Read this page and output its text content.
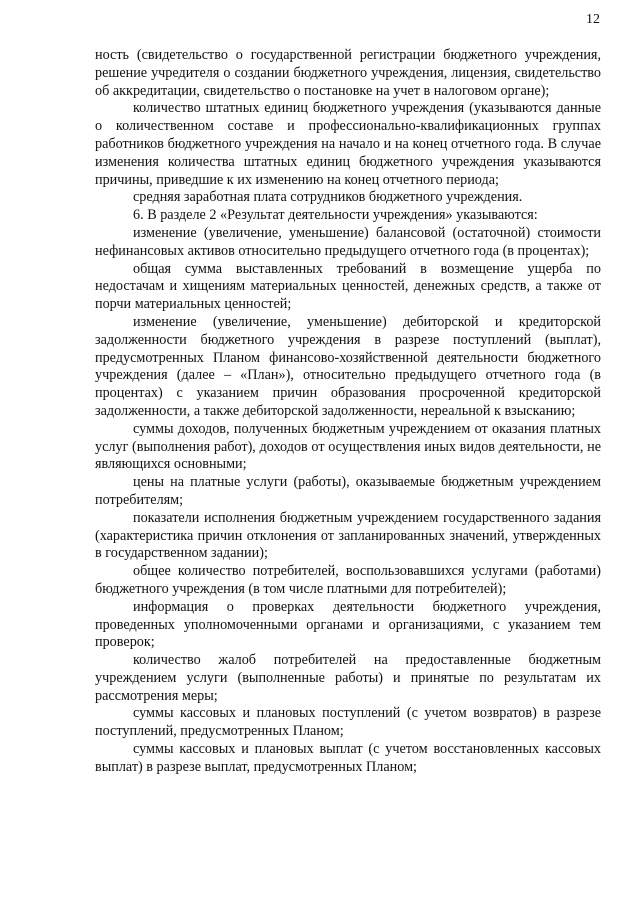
12

ность (свидетельство о государственной регистрации бюджетного учреждения, решение учредителя о создании бюджетного учреждения, лицензия, свидетельство об аккредитации, свидетельство о постановке на учет в налоговом органе);

количество штатных единиц бюджетного учреждения (указываются данные о количественном составе и профессионально-квалификационных группах работников бюджетного учреждения на начало и на конец отчетного года. В случае изменения количества штатных единиц бюджетного учреждения указываются причины, приведшие к их изменению на конец отчетного периода;

средняя заработная плата сотрудников бюджетного учреждения.

6. В разделе 2 «Результат деятельности учреждения» указываются:

изменение (увеличение, уменьшение) балансовой (остаточной) стоимости нефинансовых активов относительно предыдущего отчетного года (в процентах);

общая сумма выставленных требований в возмещение ущерба по недостачам и хищениям материальных ценностей, денежных средств, а также от порчи материальных ценностей;

изменение (увеличение, уменьшение) дебиторской и кредиторской задолженности бюджетного учреждения в разрезе поступлений (выплат), предусмотренных Планом финансово-хозяйственной деятельности бюджетного учреждения (далее – «План»), относительно предыдущего отчетного года (в процентах) с указанием причин образования просроченной кредиторской задолженности, а также дебиторской задолженности, нереальной к взысканию;

суммы доходов, полученных бюджетным учреждением от оказания платных услуг (выполнения работ), доходов от осуществления иных видов деятельности, не являющихся основными;

цены на платные услуги (работы), оказываемые бюджетным учреждением потребителям;

показатели исполнения бюджетным учреждением государственного задания (характеристика причин отклонения от запланированных значений, утвержденных в государственном задании);

общее количество потребителей, воспользовавшихся услугами (работами) бюджетного учреждения (в том числе платными для потребителей);

информация о проверках деятельности бюджетного учреждения, проведенных уполномоченными органами и организациями, с указанием тем проверок;

количество жалоб потребителей на предоставленные бюджетным учреждением услуги (выполненные работы) и принятые по результатам их рассмотрения меры;

суммы кассовых и плановых поступлений (с учетом возвратов) в разрезе поступлений, предусмотренных Планом;

суммы кассовых и плановых выплат (с учетом восстановленных кассовых выплат) в разрезе выплат, предусмотренных Планом;
